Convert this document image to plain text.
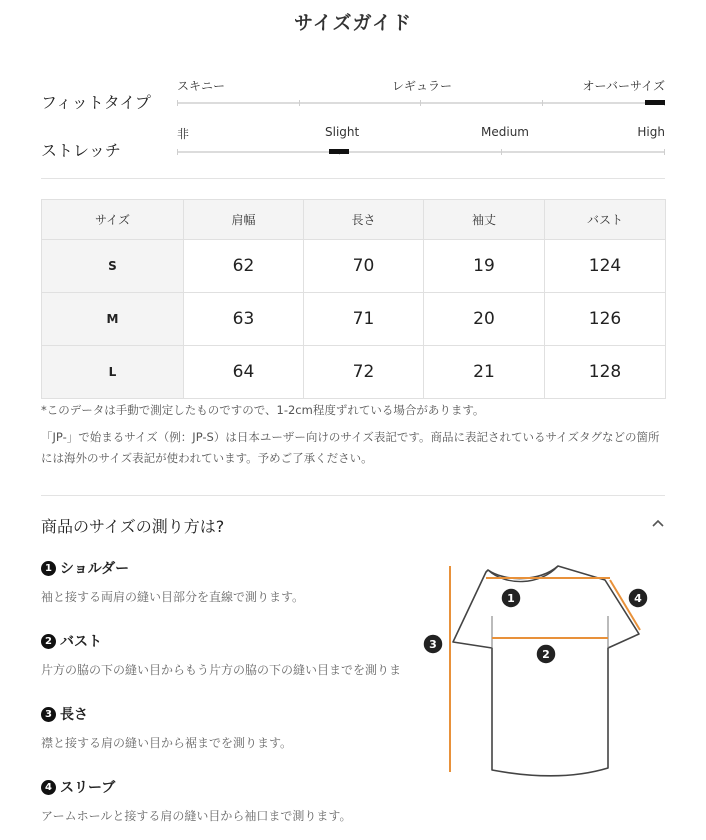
サイズガイド
フィットタイプ
スキニー	レギュラー	オーバーサイズ
ストレッチ
非	Slight	Medium	High
サイズ	肩幅	長さ	袖丈	バスト
S	62	70	19	124
M	63	71	20	126
L	64	72	21	128
*このデータは手動で測定したものですので、1-2cm程度ずれている場合があります。
「JP-」で始まるサイズ（例：JP-S）は日本ユーザー向けのサイズ表記です。商品に表記されているサイズタグなどの箇所には海外のサイズ表記が使われています。予めご了承ください。
商品のサイズの測り方は?
1 ショルダー
袖と接する両肩の縫い目部分を直線で測ります。
2 バスト
片方の脇の下の縫い目からもう片方の脇の下の縫い目までを測りま
3 長さ
襟と接する肩の縫い目から裾までを測ります。
4 スリーブ
アームホールと接する肩の縫い目から袖口まで測ります。
1
2
3
4
